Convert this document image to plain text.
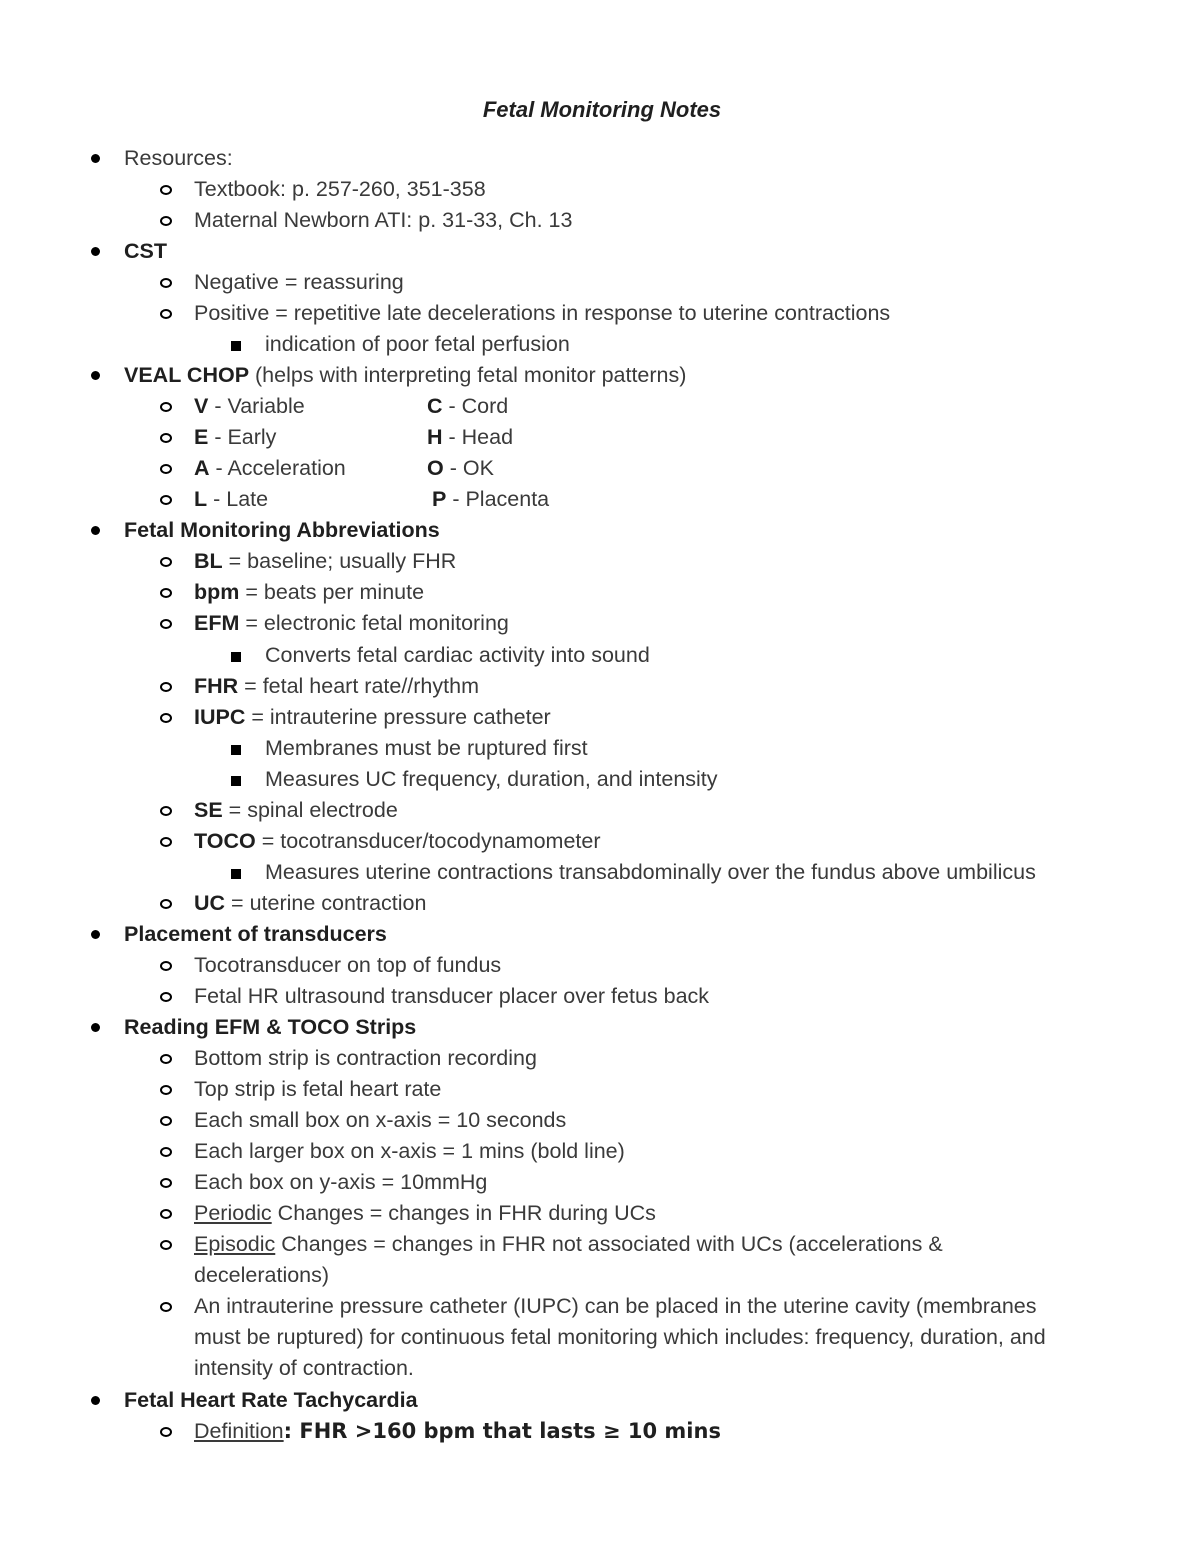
Fetal Monitoring Notes
Resources:
Textbook: p. 257-260, 351-358
Maternal Newborn ATI: p. 31-33, Ch. 13
CST
Negative = reassuring
Positive = repetitive late decelerations in response to uterine contractions
indication of poor fetal perfusion
VEAL CHOP (helps with interpreting fetal monitor patterns)
V - Variable	C - Cord
E - Early	H - Head
A - Acceleration	O - OK
L - Late	P - Placenta
Fetal Monitoring Abbreviations
BL = baseline; usually FHR
bpm = beats per minute
EFM = electronic fetal monitoring
Converts fetal cardiac activity into sound
FHR = fetal heart rate//rhythm
IUPC = intrauterine pressure catheter
Membranes must be ruptured first
Measures UC frequency, duration, and intensity
SE = spinal electrode
TOCO = tocotransducer/tocodynamometer
Measures uterine contractions transabdominally over the fundus above umbilicus
UC = uterine contraction
Placement of transducers
Tocotransducer on top of fundus
Fetal HR ultrasound transducer placer over fetus back
Reading EFM & TOCO Strips
Bottom strip is contraction recording
Top strip is fetal heart rate
Each small box on x-axis = 10 seconds
Each larger box on x-axis = 1 mins (bold line)
Each box on y-axis = 10mmHg
Periodic Changes = changes in FHR during UCs
Episodic Changes = changes in FHR not associated with UCs (accelerations &
decelerations)
An intrauterine pressure catheter (IUPC) can be placed in the uterine cavity (membranes
must be ruptured) for continuous fetal monitoring which includes: frequency, duration, and
intensity of contraction.
Fetal Heart Rate Tachycardia
Definition: FHR >160 bpm that lasts ≥ 10 mins
